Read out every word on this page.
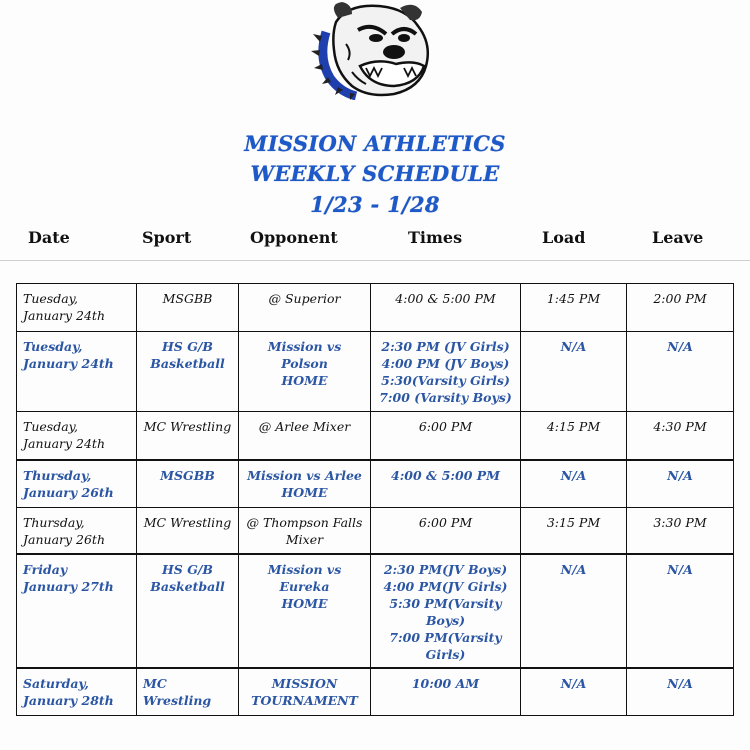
MISSION ATHLETICS
WEEKLY SCHEDULE
1/23 - 1/28
Date	Sport	Opponent	Times	Load	Leave
Tuesday,
January 24th	MSGBB	@ Superior	4:00 & 5:00 PM	1:45 PM	2:00 PM

Tuesday,
January 24th	HS G/B
Basketball	Mission vs Polson
HOME	2:30 PM (JV Girls)
4:00 PM (JV Boys)
5:30(Varsity Girls)
7:00 (Varsity Boys)	N/A	N/A

Tuesday,
January 24th	MC Wrestling	@ Arlee Mixer	6:00 PM	4:15 PM	4:30 PM

Thursday,
January 26th	MSGBB	Mission vs Arlee
HOME	4:00 & 5:00 PM	N/A	N/A

Thursday,
January 26th	MC Wrestling	@ Thompson Falls
Mixer	6:00 PM	3:15 PM	3:30 PM

Friday
January 27th	HS G/B
Basketball	Mission vs Eureka
HOME	2:30 PM(JV Boys)
4:00 PM(JV Girls)
5:30 PM(Varsity Boys)
7:00 PM(Varsity Girls)	N/A	N/A

Saturday,
January 28th	MC Wrestling	MISSION
TOURNAMENT	10:00 AM	N/A	N/A
